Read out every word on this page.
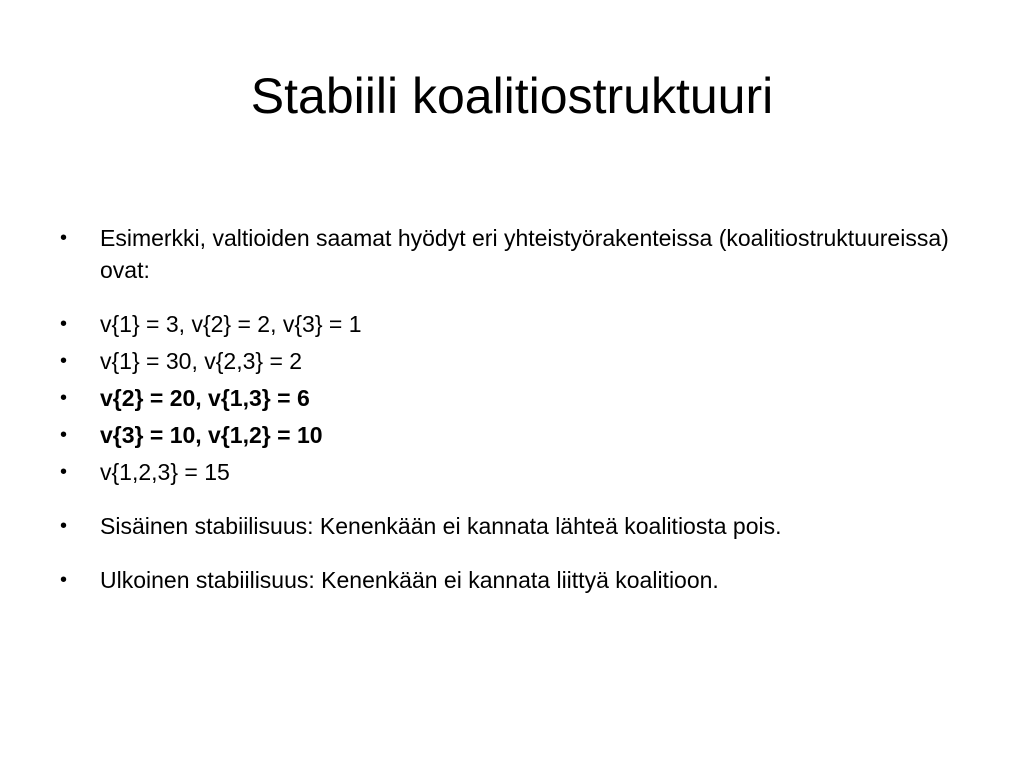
Stabiili koalitiostruktuuri
•	Esimerkki, valtioiden saamat hyödyt eri yhteistyörakenteissa (koalitiostruktuureissa) ovat:
•	v{1} = 3, v{2} = 2, v{3} = 1
•	v{1} = 30, v{2,3} = 2
•	v{2} = 20, v{1,3} = 6
•	v{3} = 10, v{1,2} = 10
•	v{1,2,3} = 15
•	Sisäinen stabiilisuus: Kenenkään ei kannata lähteä koalitiosta pois.
•	Ulkoinen stabiilisuus: Kenenkään ei kannata liittyä koalitioon.
